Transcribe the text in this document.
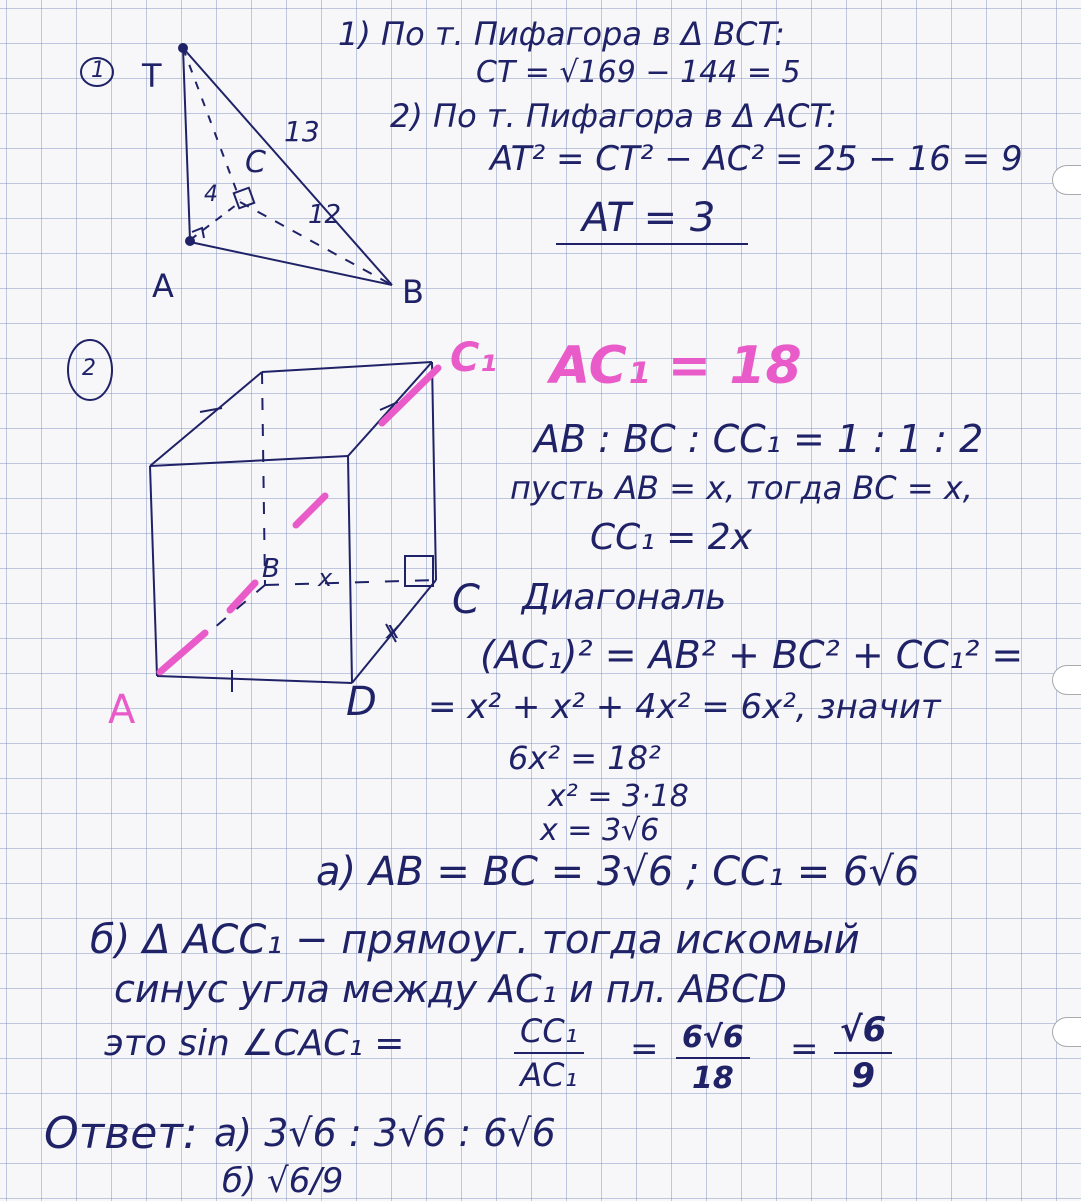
1 T
A	B
C
13
12
4
1) По т. Пифагора в Δ BCT:
CT = √169 − 144 = 5
2) По т. Пифагора в Δ ACT:
AT² = CT² − AC² = 25 − 16 = 9
AT = 3
2	C₁ AC₁ = 18
A
B
C
D
x
x
AB : BC : CC₁ = 1 : 1 : 2
пусть AB = x, тогда BC = x,
CC₁ = 2x
Диагональ
(AC₁)² = AB² + BC² + CC₁² =
= x² + x² + 4x² = 6x², значит
6x² = 18²
x² = 3·18
x = 3√6
а) AB = BC = 3√6 ; CC₁ = 6√6
б) Δ ACC₁ − прямоуг. тогда искомый
синус угла между AC₁ и пл. ABCD
это sin ∠CAC₁ =	$\frac{\text{CC₁}}{\text{AC₁}} = \frac{6√6}{18} = \frac{√6}{9}$
Ответ: а) 3√6 : 3√6 : 6√6
б) √6/9
